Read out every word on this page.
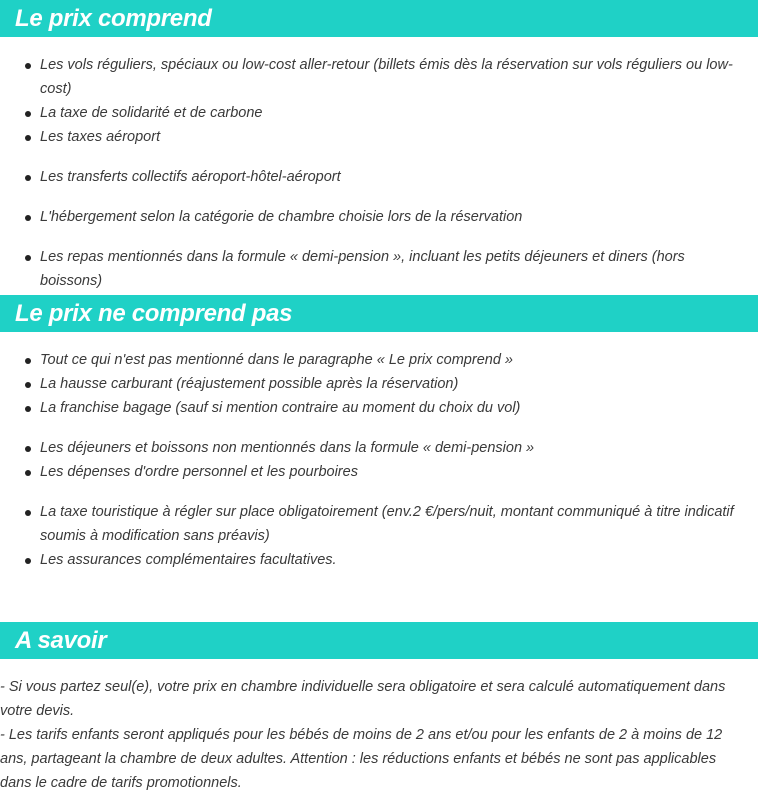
Le prix comprend
Les vols réguliers, spéciaux ou low-cost aller-retour (billets émis dès la réservation sur vols réguliers ou low-cost)
La taxe de solidarité et de carbone
Les taxes aéroport
Les transferts collectifs aéroport-hôtel-aéroport
L'hébergement selon la catégorie de chambre choisie lors de la réservation
Les repas mentionnés dans la formule « demi-pension », incluant les petits déjeuners et diners (hors boissons)
Le prix ne comprend pas
Tout ce qui n'est pas mentionné dans le paragraphe « Le prix comprend »
La hausse carburant (réajustement possible après la réservation)
La franchise bagage (sauf si mention contraire au moment du choix du vol)
Les déjeuners et boissons non mentionnés dans la formule « demi-pension »
Les dépenses d'ordre personnel et les pourboires
La taxe touristique à régler sur place obligatoirement (env.2 €/pers/nuit, montant communiqué à titre indicatif soumis à modification sans préavis)
Les assurances complémentaires facultatives.
A savoir

- Si vous partez seul(e), votre prix en chambre individuelle sera obligatoire et sera calculé automatiquement dans votre devis.

- Les tarifs enfants seront appliqués pour les bébés de moins de 2 ans et/ou pour les enfants de 2 à moins de 12 ans, partageant la chambre de deux adultes. Attention : les réductions enfants et bébés ne sont pas applicables dans le cadre de tarifs promotionnels.
